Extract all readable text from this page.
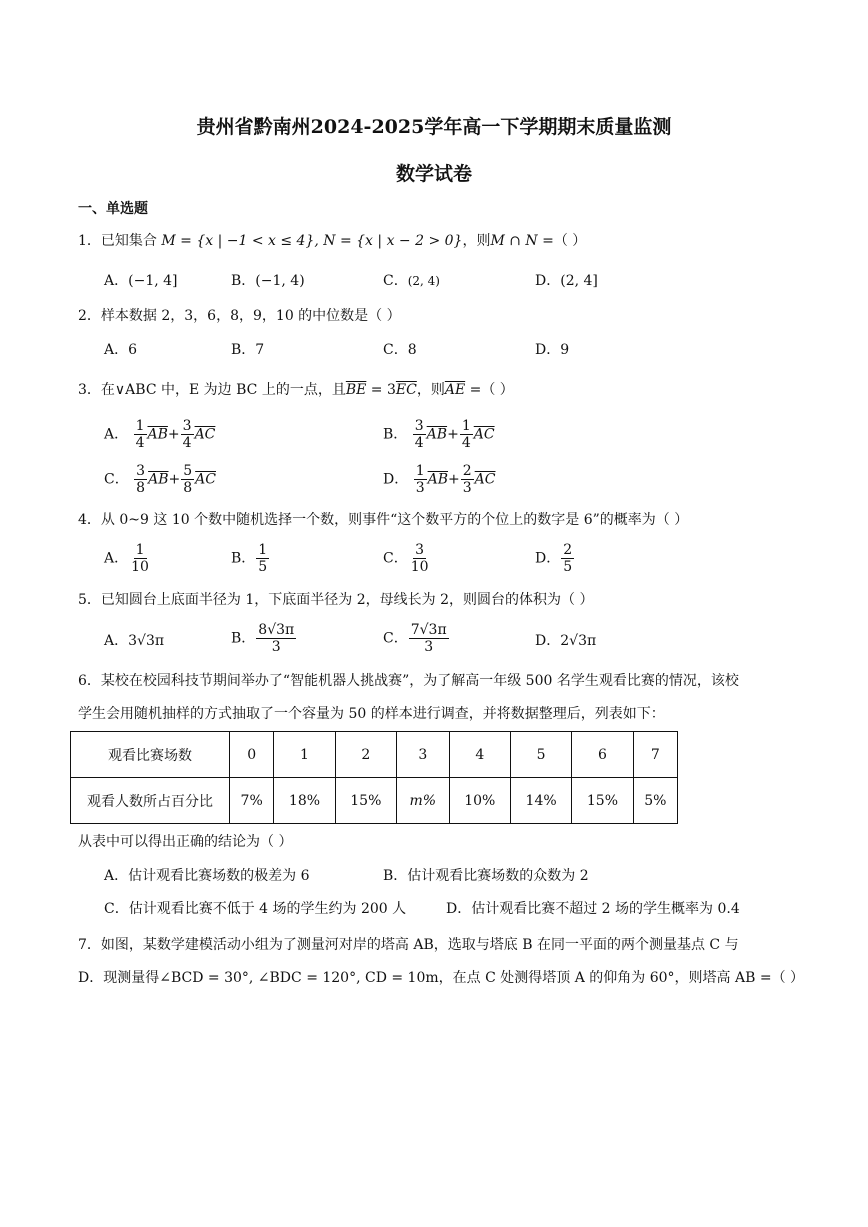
贵州省黔南州2024-2025学年高一下学期期末质量监测
数学试卷
一、单选题
1．已知集合 M = {x | −1 < x ≤ 4}, N = {x | x − 2 > 0}，则M ∩ N =（ ）
A．(−1, 4]	B．(−1, 4)	C．(2, 4)	D．(2, 4]
2．样本数据 2，3，6，8，9，10 的中位数是（ ）
A．6	B．7	C．8	D．9
3．在∨ABC 中，E 为边 BC 上的一点，且$\overline{BE} = 3\overline{EC}$，则$\overline{AE}$ =（ ）
A． $\frac{1}{4} \overline{AB}+ \frac{3}{4} \overline{AC}$	B． $\frac{3}{4} \overline{AB}+ \frac{1}{4} \overline{AC}$
C． $\frac{3}{8} \overline{AB}+ \frac{5}{8} \overline{AC}$	D． $\frac{1}{3} \overline{AB}+ \frac{2}{3} \overline{AC}$
4．从 0~9 这 10 个数中随机选择一个数，则事件“这个数平方的个位上的数字是 6”的概率为（ ）
A． $\frac{1}{10}$	B． $\frac{1}{5}$	C． $\frac{3}{10}$	D． $\frac{2}{5}$
5．已知圆台上底面半径为 1，下底面半径为 2，母线长为 2，则圆台的体积为（ ）
A．3√3π	B． $\frac{8√3\pi}{3}$	C． $\frac{7√3\pi}{3}$	D．2√3π
6．某校在校园科技节期间举办了“智能机器人挑战赛”，为了解高一年级 500 名学生观看比赛的情况，该校
学生会用随机抽样的方式抽取了一个容量为 50 的样本进行调查，并将数据整理后，列表如下：
观看比赛场数	0	1	2	3	4	5	6	7
观看人数所占百分比	7%	18%	15%	m%	10%	14%	15%	5%
从表中可以得出正确的结论为（ ）
A．估计观看比赛场数的极差为 6	B．估计观看比赛场数的众数为 2
C．估计观看比赛不低于 4 场的学生约为 200 人	D．估计观看比赛不超过 2 场的学生概率为 0.4
7．如图，某数学建模活动小组为了测量河对岸的塔高 AB，选取与塔底 B 在同一平面的两个测量基点 C 与
D．现测量得∠BCD = 30°, ∠BDC = 120°, CD = 10m，在点 C 处测得塔顶 A 的仰角为 60°，则塔高 AB =（ ）
